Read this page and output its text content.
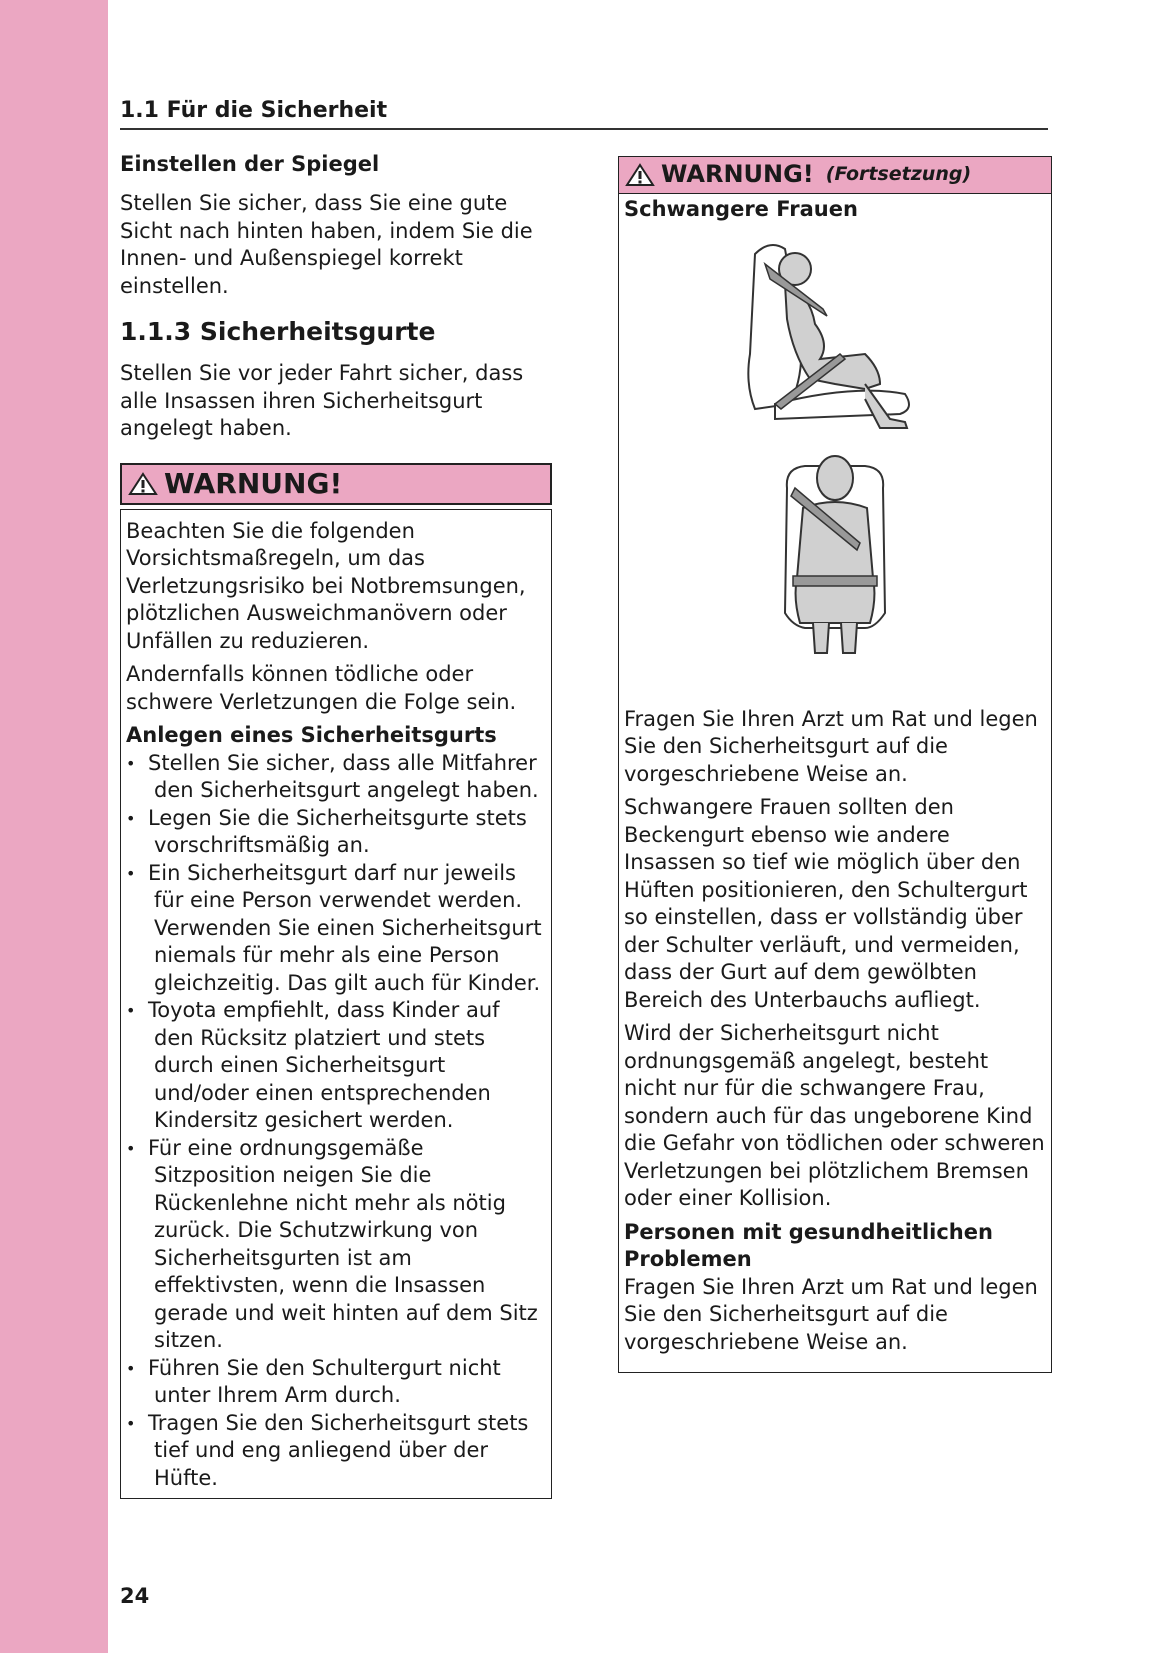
1.1 Für die Sicherheit
Einstellen der Spiegel

Stellen Sie sicher, dass Sie eine gute Sicht nach hinten haben, indem Sie die Innen- und Außenspiegel korrekt einstellen.

1.1.3 Sicherheitsgurte

Stellen Sie vor jeder Fahrt sicher, dass alle Insassen ihren Sicherheitsgurt angelegt haben.

WARNUNG!

Beachten Sie die folgenden Vorsichtsmaßregeln, um das Verletzungsrisiko bei Notbremsungen, plötzlichen Ausweichmanövern oder Unfällen zu reduzieren.

Andernfalls können tödliche oder schwere Verletzungen die Folge sein.

Anlegen eines Sicherheitsgurts
• Stellen Sie sicher, dass alle Mitfahrer den Sicherheitsgurt angelegt haben.
• Legen Sie die Sicherheitsgurte stets vorschriftsmäßig an.
• Ein Sicherheitsgurt darf nur jeweils für eine Person verwendet werden. Verwenden Sie einen Sicherheitsgurt niemals für mehr als eine Person gleichzeitig. Das gilt auch für Kinder.
• Toyota empfiehlt, dass Kinder auf den Rücksitz platziert und stets durch einen Sicherheitsgurt und/oder einen entsprechenden Kindersitz gesichert werden.
• Für eine ordnungsgemäße Sitzposition neigen Sie die Rückenlehne nicht mehr als nötig zurück. Die Schutzwirkung von Sicherheitsgurten ist am effektivsten, wenn die Insassen gerade und weit hinten auf dem Sitz sitzen.
• Führen Sie den Schultergurt nicht unter Ihrem Arm durch.
• Tragen Sie den Sicherheitsgurt stets tief und eng anliegend über der Hüfte.
WARNUNG! (Fortsetzung)
Schwangere Frauen

Fragen Sie Ihren Arzt um Rat und legen Sie den Sicherheitsgurt auf die vorgeschriebene Weise an.

Schwangere Frauen sollten den Beckengurt ebenso wie andere Insassen so tief wie möglich über den Hüften positionieren, den Schultergurt so einstellen, dass er vollständig über der Schulter verläuft, und vermeiden, dass der Gurt auf dem gewölbten Bereich des Unterbauchs aufliegt.

Wird der Sicherheitsgurt nicht ordnungsgemäß angelegt, besteht nicht nur für die schwangere Frau, sondern auch für das ungeborene Kind die Gefahr von tödlichen oder schweren Verletzungen bei plötzlichem Bremsen oder einer Kollision.

Personen mit gesundheitlichen Problemen

Fragen Sie Ihren Arzt um Rat und legen Sie den Sicherheitsgurt auf die vorgeschriebene Weise an.

24
